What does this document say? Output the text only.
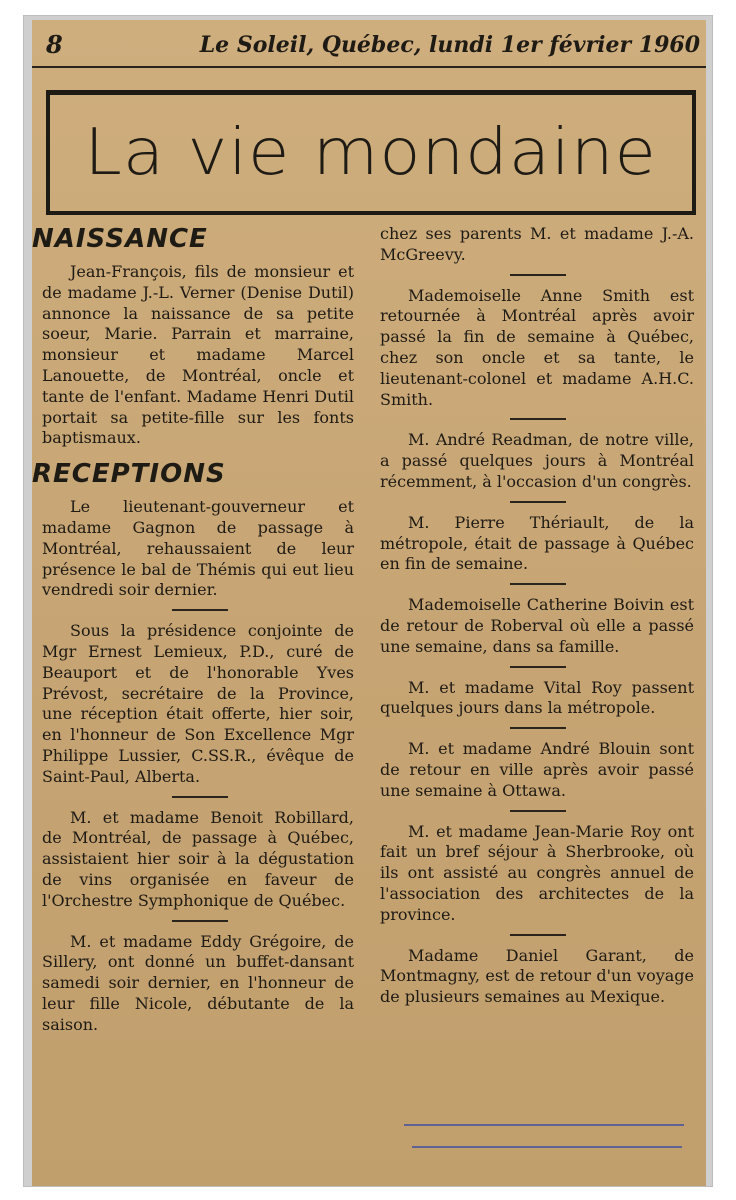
8	Le Soleil, Québec, lundi 1er février 1960
La vie mondaine
NAISSANCE

Jean-François, fils de monsieur et de madame J.-L. Verner (Denise Dutil) annonce la naissance de sa petite soeur, Marie. Parrain et marraine, monsieur et madame Marcel Lanouette, de Montréal, oncle et tante de l'enfant. Madame Henri Dutil portait sa petite-fille sur les fonts baptismaux.

RECEPTIONS

Le lieutenant-gouverneur et madame Gagnon de passage à Montréal, rehaussaient de leur présence le bal de Thémis qui eut lieu vendredi soir dernier.

Sous la présidence conjointe de Mgr Ernest Lemieux, P.D., curé de Beauport et de l'honorable Yves Prévost, secrétaire de la Province, une réception était offerte, hier soir, en l'honneur de Son Excellence Mgr Philippe Lussier, C.SS.R., évêque de Saint-Paul, Alberta.

M. et madame Benoit Robillard, de Montréal, de passage à Québec, assistaient hier soir à la dégustation de vins organisée en faveur de l'Orchestre Symphonique de Québec.

M. et madame Eddy Grégoire, de Sillery, ont donné un buffet-dansant samedi soir dernier, en l'honneur de leur fille Nicole, débutante de la saison.

chez ses parents M. et madame J.-A. McGreevy.

Mademoiselle Anne Smith est retournée à Montréal après avoir passé la fin de semaine à Québec, chez son oncle et sa tante, le lieutenant-colonel et madame A.H.C. Smith.

M. André Readman, de notre ville, a passé quelques jours à Montréal récemment, à l'occasion d'un congrès.

M. Pierre Thériault, de la métropole, était de passage à Québec en fin de semaine.

Mademoiselle Catherine Boivin est de retour de Roberval où elle a passé une semaine, dans sa famille.

M. et madame Vital Roy passent quelques jours dans la métropole.

M. et madame André Blouin sont de retour en ville après avoir passé une semaine à Ottawa.

M. et madame Jean-Marie Roy ont fait un bref séjour à Sherbrooke, où ils ont assisté au congrès annuel de l'association des architectes de la province.

Madame Daniel Garant, de Montmagny, est de retour d'un voyage de plusieurs semaines au Mexique.
